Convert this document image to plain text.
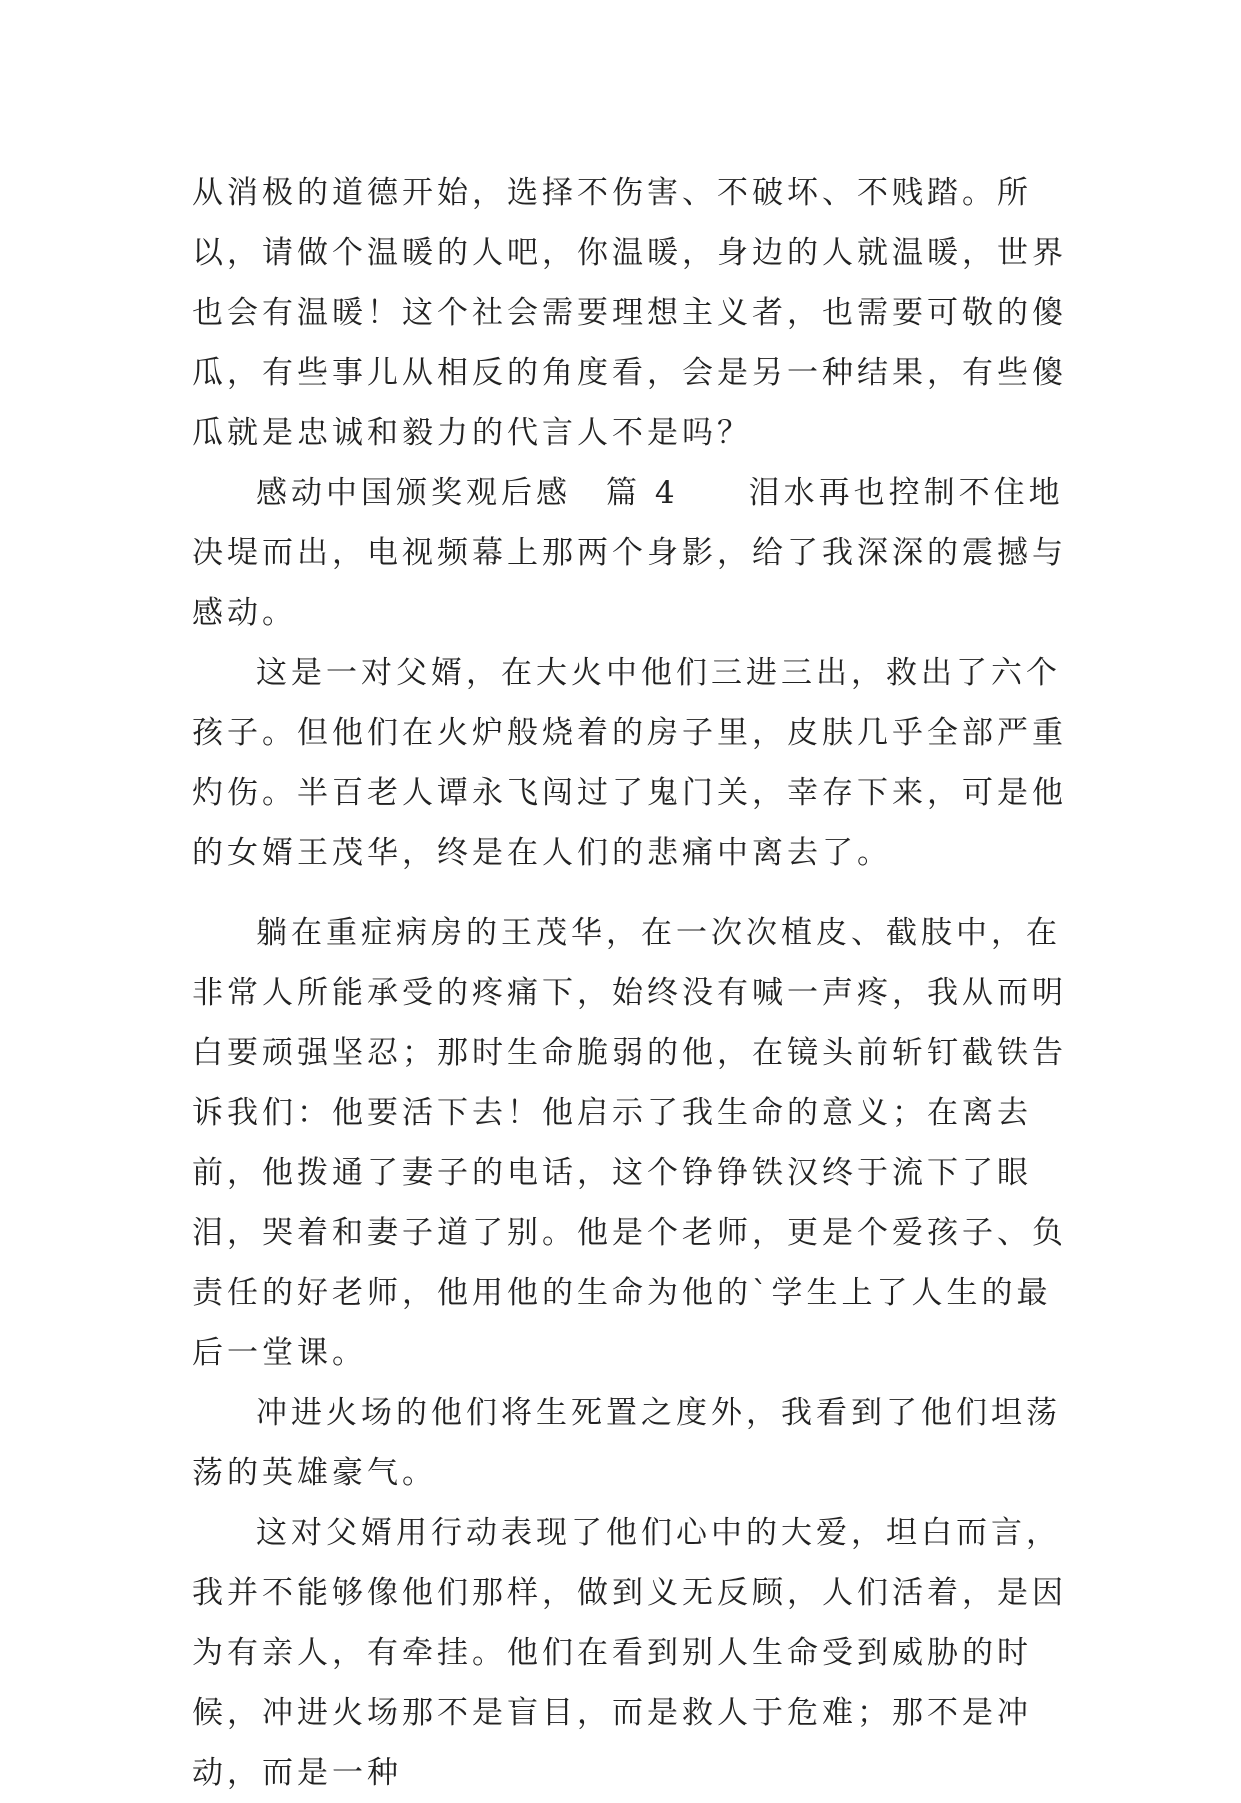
从消极的道德开始，选择不伤害、不破坏、不贱踏。所以，请做个温暖的人吧，你温暖，身边的人就温暖，世界也会有温暖！这个社会需要理想主义者，也需要可敬的傻瓜，有些事儿从相反的角度看，会是另一种结果，有些傻瓜就是忠诚和毅力的代言人不是吗？

感动中国颁奖观后感　篇 4　　泪水再也控制不住地决堤而出，电视频幕上那两个身影，给了我深深的震撼与感动。

这是一对父婿，在大火中他们三进三出，救出了六个孩子。但他们在火炉般烧着的房子里，皮肤几乎全部严重灼伤。半百老人谭永飞闯过了鬼门关，幸存下来，可是他的女婿王茂华，终是在人们的悲痛中离去了。

躺在重症病房的王茂华，在一次次植皮、截肢中，在非常人所能承受的疼痛下，始终没有喊一声疼，我从而明白要顽强坚忍；那时生命脆弱的他，在镜头前斩钉截铁告诉我们：他要活下去！他启示了我生命的意义；在离去前，他拨通了妻子的电话，这个铮铮铁汉终于流下了眼泪，哭着和妻子道了别。他是个老师，更是个爱孩子、负责任的好老师，他用他的生命为他的`学生上了人生的最后一堂课。

冲进火场的他们将生死置之度外，我看到了他们坦荡荡的英雄豪气。

这对父婿用行动表现了他们心中的大爱，坦白而言，我并不能够像他们那样，做到义无反顾，人们活着，是因为有亲人，有牵挂。他们在看到别人生命受到威胁的时候，冲进火场那不是盲目，而是救人于危难；那不是冲动，而是一种
